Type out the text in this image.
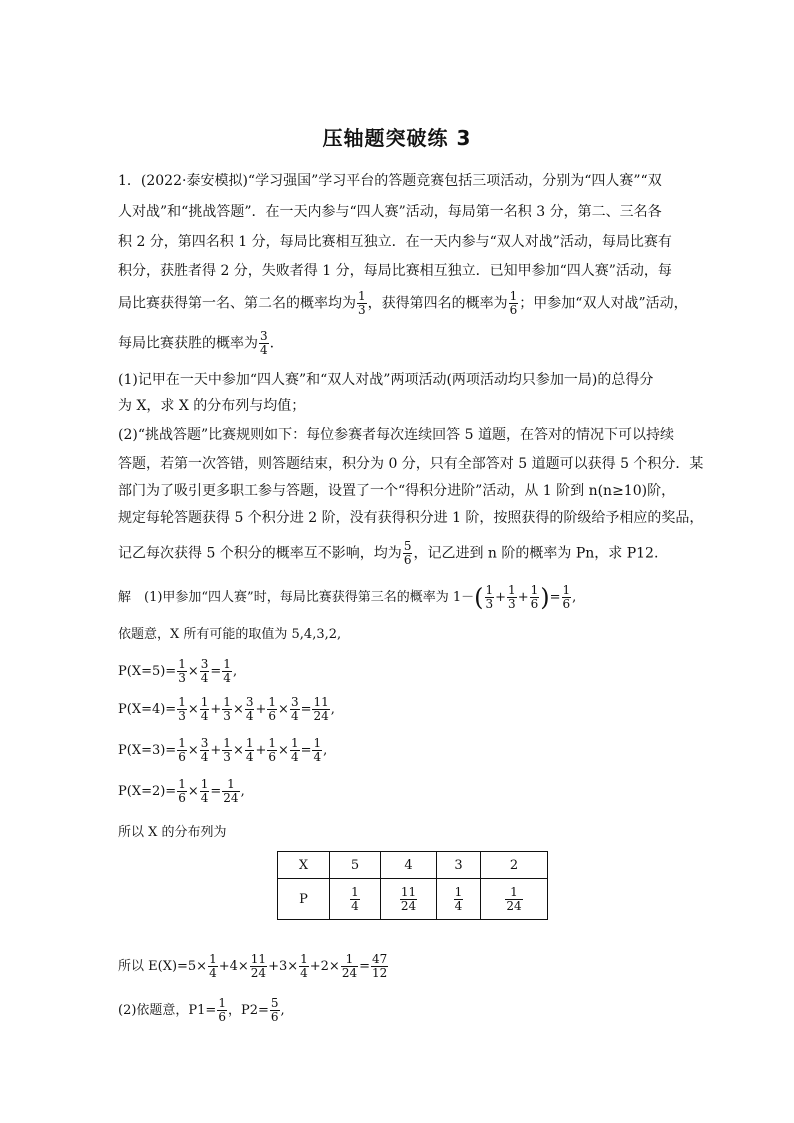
压轴题突破练 3
1．(2022·泰安模拟)“学习强国”学习平台的答题竞赛包括三项活动，分别为“四人赛”“双
人对战”和“挑战答题”．在一天内参与“四人赛”活动，每局第一名积 3 分，第二、三名各
积 2 分，第四名积 1 分，每局比赛相互独立．在一天内参与“双人对战”活动，每局比赛有
积分，获胜者得 2 分，失败者得 1 分，每局比赛相互独立．已知甲参加“四人赛”活动，每
局比赛获得第一名、第二名的概率均为 $\frac{1}{3}$ ，获得第四名的概率为 $\frac{1}{6}$ ；甲参加“双人对战”活动，
每局比赛获胜的概率为 $\frac{3}{4}$ .
(1)记甲在一天中参加“四人赛”和“双人对战”两项活动(两项活动均只参加一局)的总得分
为 X，求 X 的分布列与均值；
(2)“挑战答题”比赛规则如下：每位参赛者每次连续回答 5 道题，在答对的情况下可以持续
答题，若第一次答错，则答题结束，积分为 0 分，只有全部答对 5 道题可以获得 5 个积分．某
部门为了吸引更多职工参与答题，设置了一个“得积分进阶”活动，从 1 阶到 n(n≥10)阶，
规定每轮答题获得 5 个积分进 2 阶，没有获得积分进 1 阶，按照获得的阶级给予相应的奖品，
记乙每次获得 5 个积分的概率互不影响，均为 $\frac{5}{6}$ ，记乙进到 n 阶的概率为 Pn，求 P12.
解　(1)甲参加“四人赛”时，每局比赛获得第三名的概率为 $1-( \frac{1}{3} + \frac{1}{3} + \frac{1}{6}$ )= $\frac{1}{6}$ ,
依题意，X 所有可能的取值为 5,4,3,2,
$P(X=5)= \frac{1}{3} \times \frac{3}{4} = \frac{1}{4}$ ,
$P(X=4)= \frac{1}{3} \times \frac{1}{4} + \frac{1}{3} \times \frac{3}{4} + \frac{1}{6} \times \frac{3}{4} = \frac{11}{24}$ ,
$P(X=3)= \frac{1}{6} \times \frac{3}{4} + \frac{1}{3} \times \frac{1}{4} + \frac{1}{6} \times \frac{1}{4} = \frac{1}{4}$ ,
$P(X=2)= \frac{1}{6} \times \frac{1}{4} = \frac{1}{24}$ ,
所以 X 的分布列为
X	5	4	3	2
P	$\frac{1}{4}$	$\frac{11}{24}$	$\frac{1}{4}$	$\frac{1}{24}$
所以 $E(X)=5\times \frac{1}{4} +4\times \frac{11}{24} +3\times \frac{1}{4} +2\times \frac{1}{24} = \frac{47}{12}$
(2)依题意，$P1= \frac{1}{6}$ ，$P2= \frac{5}{6}$ ,
